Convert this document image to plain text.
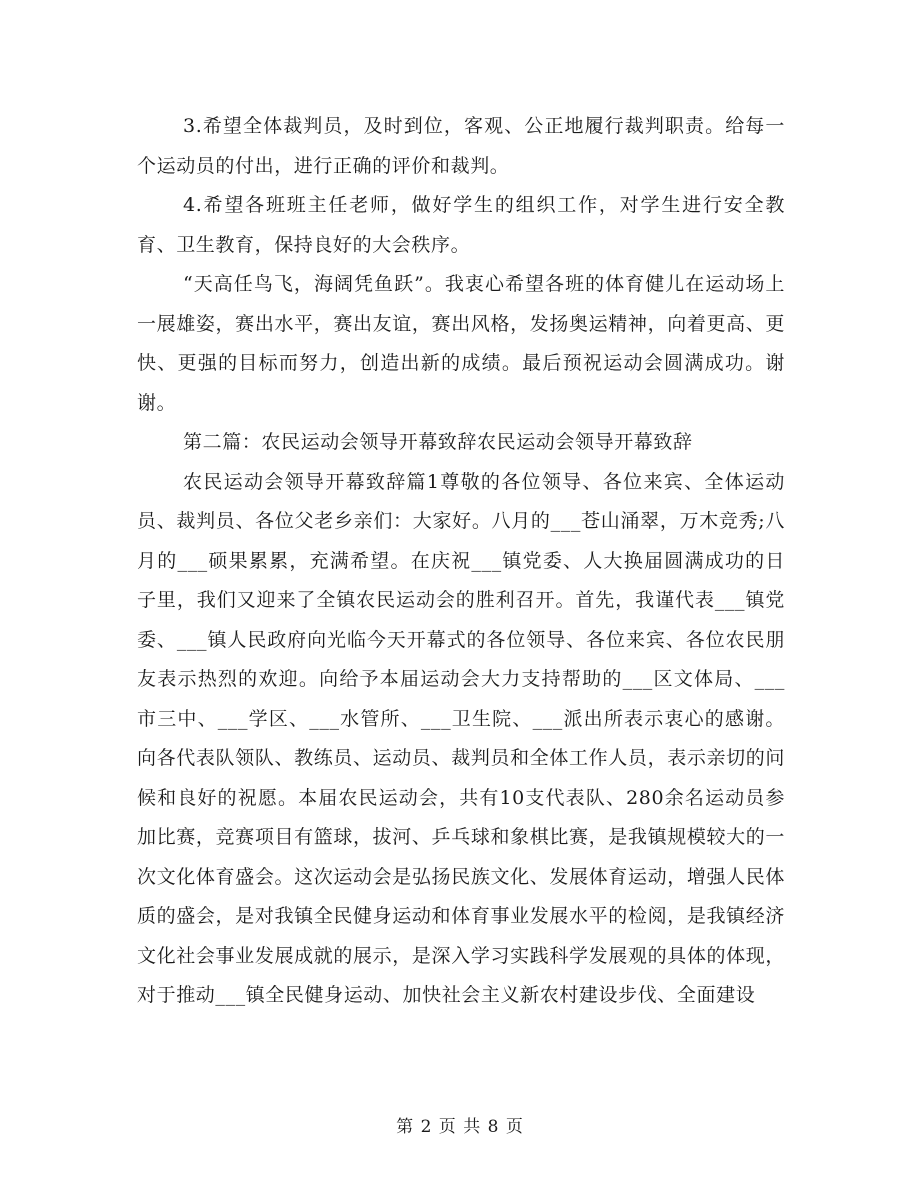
3.希望全体裁判员，及时到位，客观、公正地履行裁判职责。给每一个运动员的付出，进行正确的评价和裁判。

4.希望各班班主任老师，做好学生的组织工作，对学生进行安全教育、卫生教育，保持良好的大会秩序。

“天高任鸟飞，海阔凭鱼跃”。我衷心希望各班的体育健儿在运动场上一展雄姿，赛出水平，赛出友谊，赛出风格，发扬奥运精神，向着更高、更快、更强的目标而努力，创造出新的成绩。最后预祝运动会圆满成功。谢谢。

第二篇：农民运动会领导开幕致辞农民运动会领导开幕致辞

农民运动会领导开幕致辞篇1尊敬的各位领导、各位来宾、全体运动员、裁判员、各位父老乡亲们：大家好。八月的___苍山涌翠，万木竞秀;八月的___硕果累累，充满希望。在庆祝___镇党委、人大换届圆满成功的日子里，我们又迎来了全镇农民运动会的胜利召开。首先，我谨代表___镇党委、___镇人民政府向光临今天开幕式的各位领导、各位来宾、各位农民朋友表示热烈的欢迎。向给予本届运动会大力支持帮助的___区文体局、___市三中、___学区、___水管所、___卫生院、___派出所表示衷心的感谢。向各代表队领队、教练员、运动员、裁判员和全体工作人员，表示亲切的问候和良好的祝愿。本届农民运动会，共有10支代表队、280余名运动员参加比赛，竞赛项目有篮球，拔河、乒乓球和象棋比赛，是我镇规模较大的一次文化体育盛会。这次运动会是弘扬民族文化、发展体育运动，增强人民体质的盛会，是对我镇全民健身运动和体育事业发展水平的检阅，是我镇经济文化社会事业发展成就的展示，是深入学习实践科学发展观的具体的体现，对于推动___镇全民健身运动、加快社会主义新农村建设步伐、全面建设

第 2 页 共 8 页
